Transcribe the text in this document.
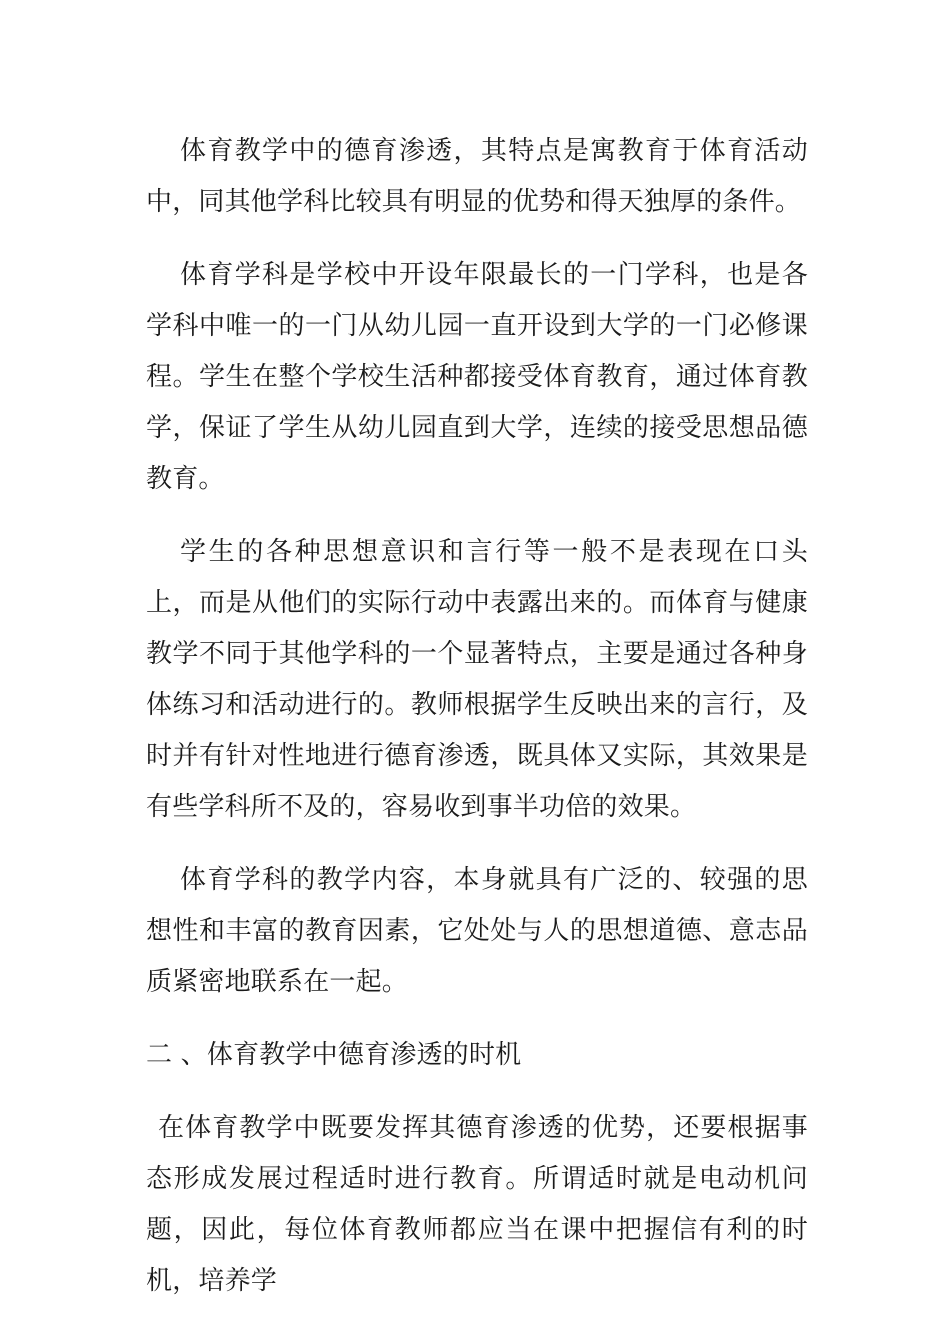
体育教学中的德育渗透，其特点是寓教育于体育活动中，同其他学科比较具有明显的优势和得天独厚的条件。

体育学科是学校中开设年限最长的一门学科，也是各学科中唯一的一门从幼儿园一直开设到大学的一门必修课程。学生在整个学校生活种都接受体育教育，通过体育教学，保证了学生从幼儿园直到大学，连续的接受思想品德教育。

学生的各种思想意识和言行等一般不是表现在口头上，而是从他们的实际行动中表露出来的。而体育与健康教学不同于其他学科的一个显著特点，主要是通过各种身体练习和活动进行的。教师根据学生反映出来的言行，及时并有针对性地进行德育渗透，既具体又实际，其效果是有些学科所不及的，容易收到事半功倍的效果。

体育学科的教学内容，本身就具有广泛的、较强的思想性和丰富的教育因素，它处处与人的思想道德、意志品质紧密地联系在一起。

二 、体育教学中德育渗透的时机

在体育教学中既要发挥其德育渗透的优势，还要根据事态形成发展过程适时进行教育。所谓适时就是电动机问题，因此，每位体育教师都应当在课中把握信有利的时机，培养学
